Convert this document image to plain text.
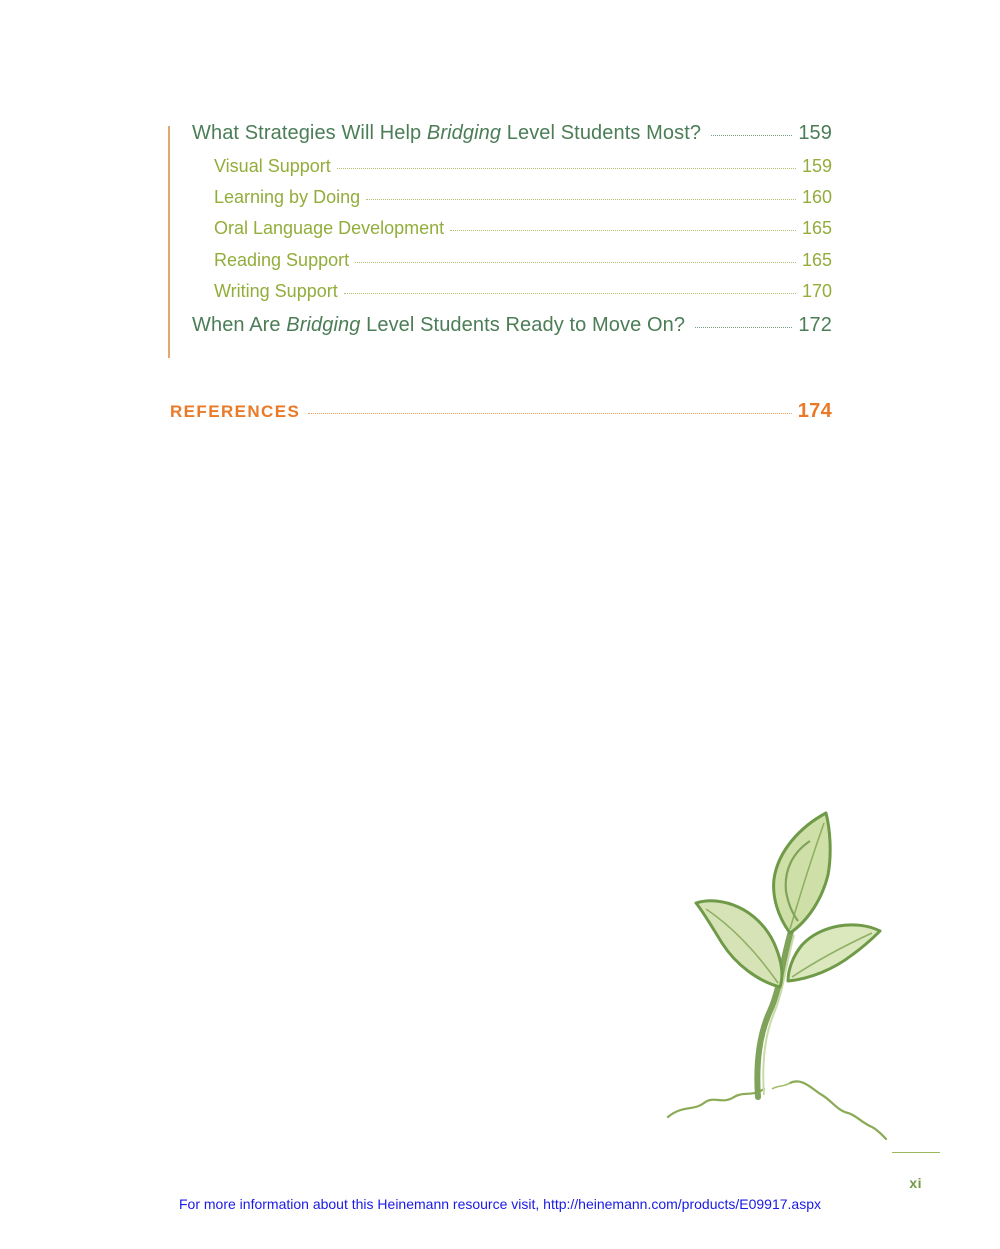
What Strategies Will Help Bridging Level Students Most?	159
Visual Support	159
Learning by Doing	160
Oral Language Development	165
Reading Support	165
Writing Support	170
When Are Bridging Level Students Ready to Move On?	172
REFERENCES	174
xi
For more information about this Heinemann resource visit, http://heinemann.com/products/E09917.aspx
